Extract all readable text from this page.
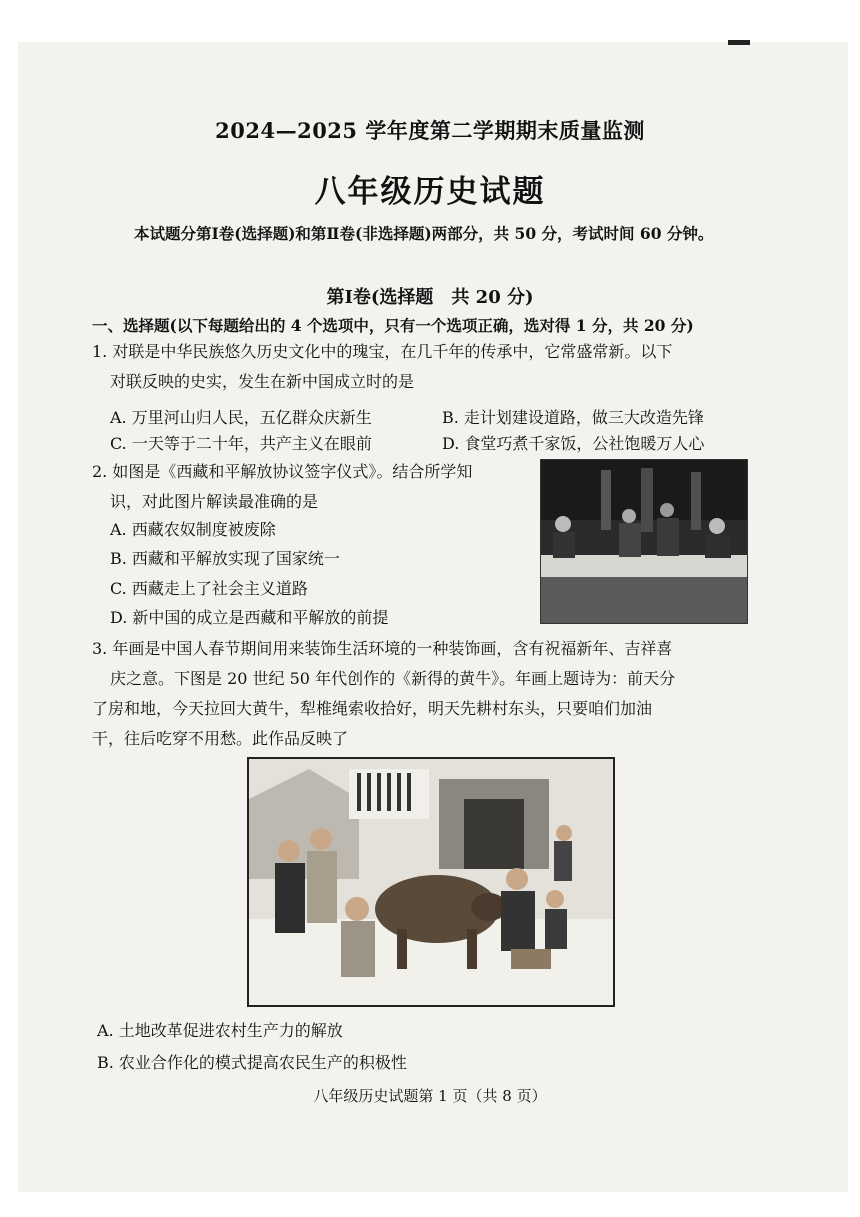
2024—2025 学年度第二学期期末质量监测
八年级历史试题
本试题分第Ⅰ卷(选择题)和第Ⅱ卷(非选择题)两部分，共 50 分，考试时间 60 分钟。
第Ⅰ卷(选择题　共 20 分)
一、选择题(以下每题给出的 4 个选项中，只有一个选项正确，选对得 1 分，共 20 分)
1. 对联是中华民族悠久历史文化中的瑰宝，在几千年的传承中，它常盛常新。以下
对联反映的史实，发生在新中国成立时的是
A. 万里河山归人民，五亿群众庆新生	B. 走计划建设道路，做三大改造先锋
C. 一天等于二十年，共产主义在眼前	D. 食堂巧煮千家饭，公社饱暖万人心
2. 如图是《西藏和平解放协议签字仪式》。结合所学知
识，对此图片解读最准确的是
A. 西藏农奴制度被废除
B. 西藏和平解放实现了国家统一
C. 西藏走上了社会主义道路
D. 新中国的成立是西藏和平解放的前提
3. 年画是中国人春节期间用来装饰生活环境的一种装饰画，含有祝福新年、吉祥喜
庆之意。下图是 20 世纪 50 年代创作的《新得的黄牛》。年画上题诗为：前天分
了房和地，今天拉回大黄牛，犁椎绳索收拾好，明天先耕村东头，只要咱们加油
干，往后吃穿不用愁。此作品反映了
A. 土地改革促进农村生产力的解放
B. 农业合作化的模式提高农民生产的积极性
八年级历史试题第 1 页（共 8 页）
